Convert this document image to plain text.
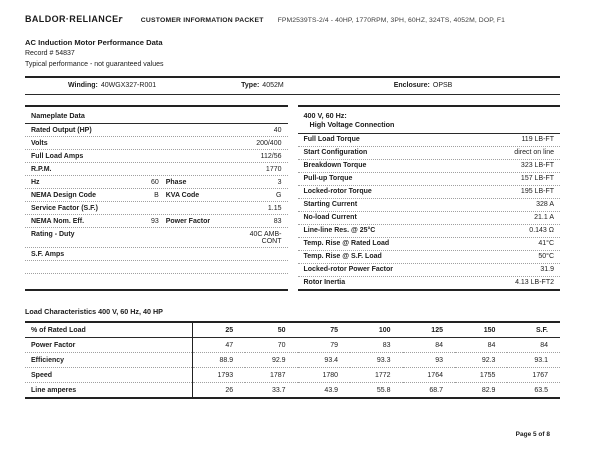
BALDOR·RELIANCEr	CUSTOMER INFORMATION PACKET FPM2539TS-2/4 - 40HP, 1770RPM, 3PH, 60HZ, 324TS, 4052M, DOP, F1
AC Induction Motor Performance Data
Record # 54837
Typical performance - not guaranteed values
Winding: 40WGX327-R001	Type: 4052M	Enclosure: OPSB
Nameplate Data
Rated Output (HP)	40
Volts	200/400
Full Load Amps	112/56
R.P.M.	1770
Hz	60	Phase	3
NEMA Design Code	B	KVA Code	G
Service Factor (S.F.)	1.15
NEMA Nom. Eff.	93	Power Factor	83
Rating - Duty	40C AMB-CONT
S.F. Amps
400 V, 60 Hz:
High Voltage Connection
Full Load Torque	119 LB-FT
Start Configuration	direct on line
Breakdown Torque	323 LB-FT
Pull-up Torque	157 LB-FT
Locked-rotor Torque	195 LB-FT
Starting Current	328 A
No-load Current	21.1 A
Line-line Res. @ 25°C	0.143 Ω
Temp. Rise @ Rated Load	41°C
Temp. Rise @ S.F. Load	50°C
Locked-rotor Power Factor	31.9
Rotor Inertia	4.13 LB-FT2
Load Characteristics 400 V, 60 Hz, 40 HP
% of Rated Load	25	50	75	100	125	150	S.F.
Power Factor	47	70	79	83	84	84	84
Efficiency	88.9	92.9	93.4	93.3	93	92.3	93.1
Speed	1793	1787	1780	1772	1764	1755	1767
Line amperes	26	33.7	43.9	55.8	68.7	82.9	63.5
Page 5 of 8
